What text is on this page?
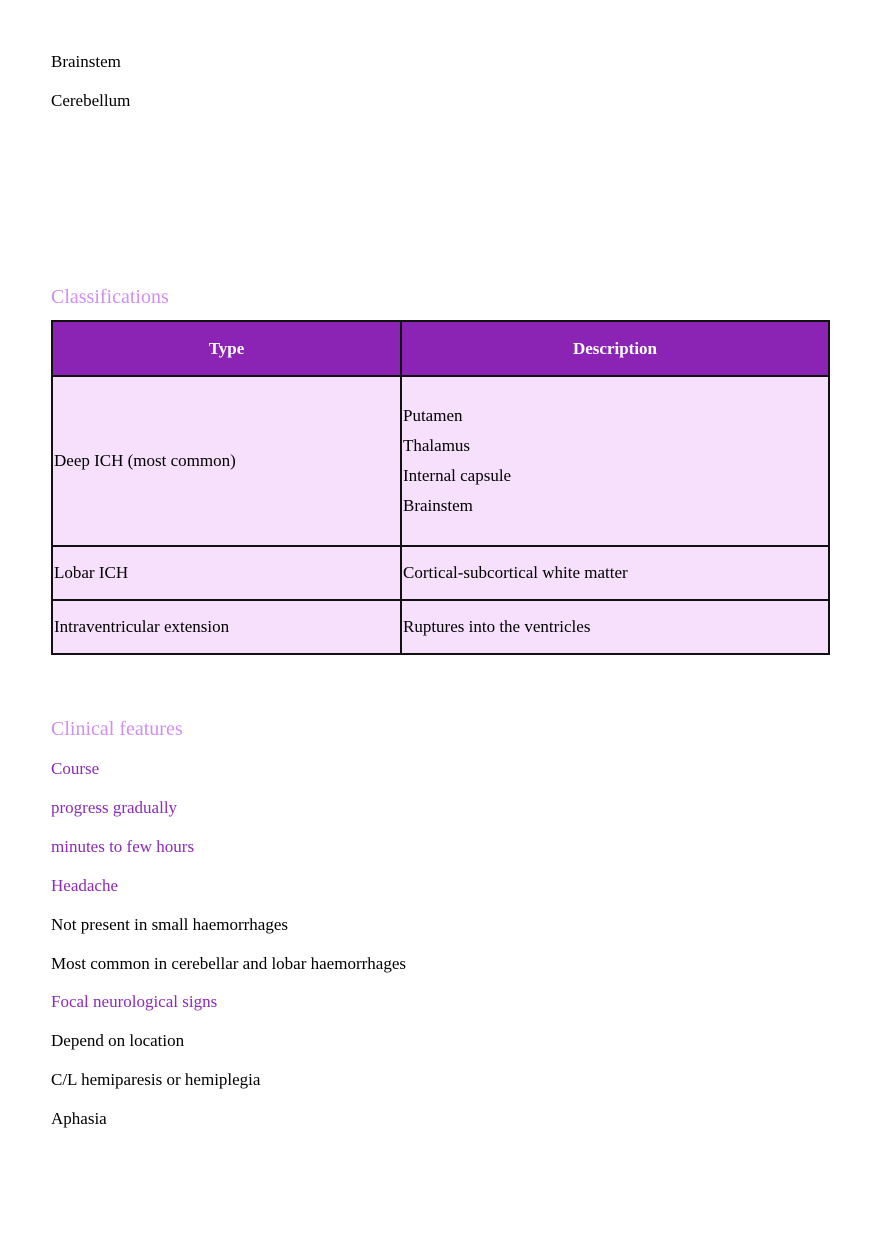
Brainstem
Cerebellum
Classifications
Type	Description
Deep ICH (most common)	Putamen
Thalamus
Internal capsule
Brainstem

Lobar ICH	Cortical-subcortical white matter
Intraventricular extension	Ruptures into the ventricles
Clinical features
Course
progress gradually
minutes to few hours
Headache
Not present in small haemorrhages
Most common in cerebellar and lobar haemorrhages
Focal neurological signs
Depend on location
C/L hemiparesis or hemiplegia
Aphasia
